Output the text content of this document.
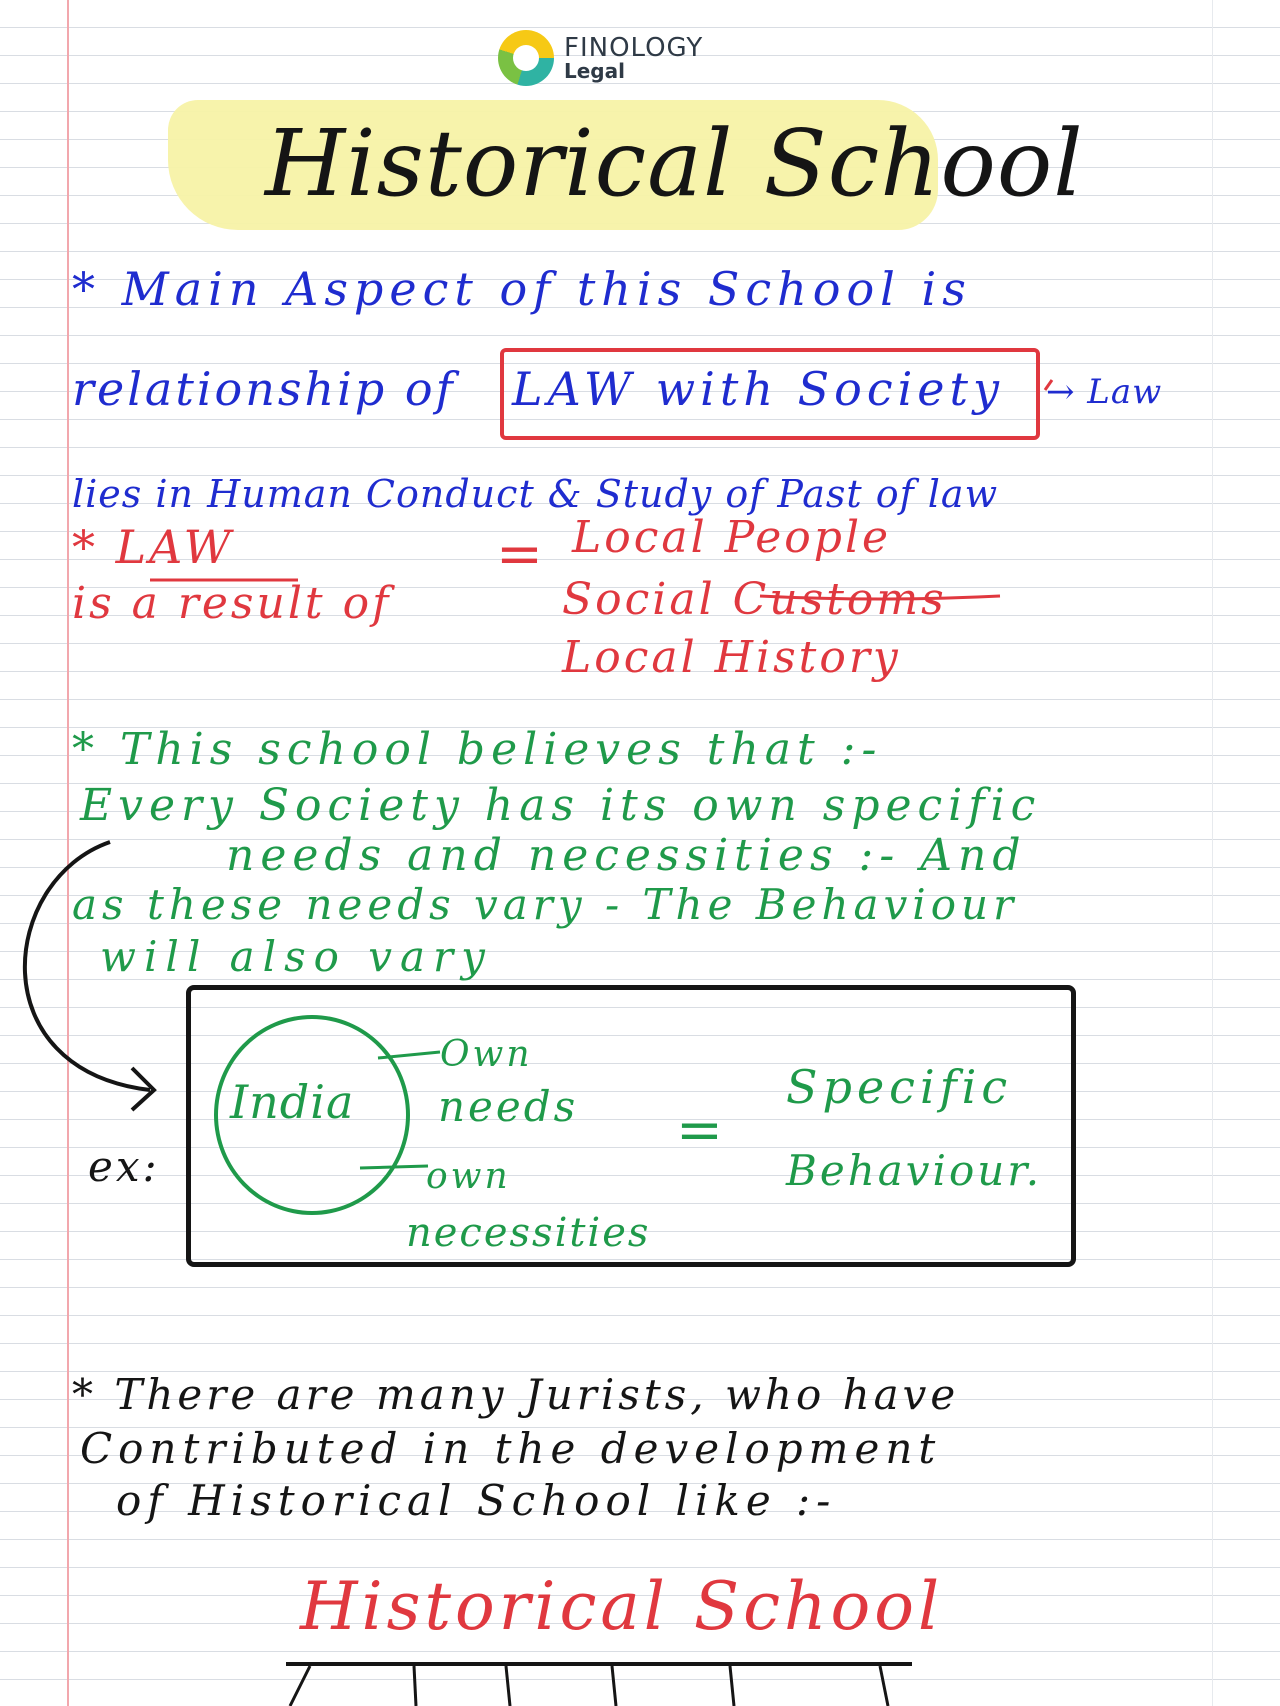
FINOLOGY
Legal
Historical School
* Main Aspect of this School is
relationship of LAW with Society → Law
lies in Human Conduct & Study of Past of law
* LAW
is a result of
= Local People
Social Customs
Local History
* This school believes that :-
Every Society has its own specific
needs and necessities :- And
as these needs vary - The Behaviour
will also vary
ex:
India
Own
needs
own
necessities
=
Specific
Behaviour.
* There are many Jurists, who have
Contributed in the development
of Historical School like :-
Historical School
